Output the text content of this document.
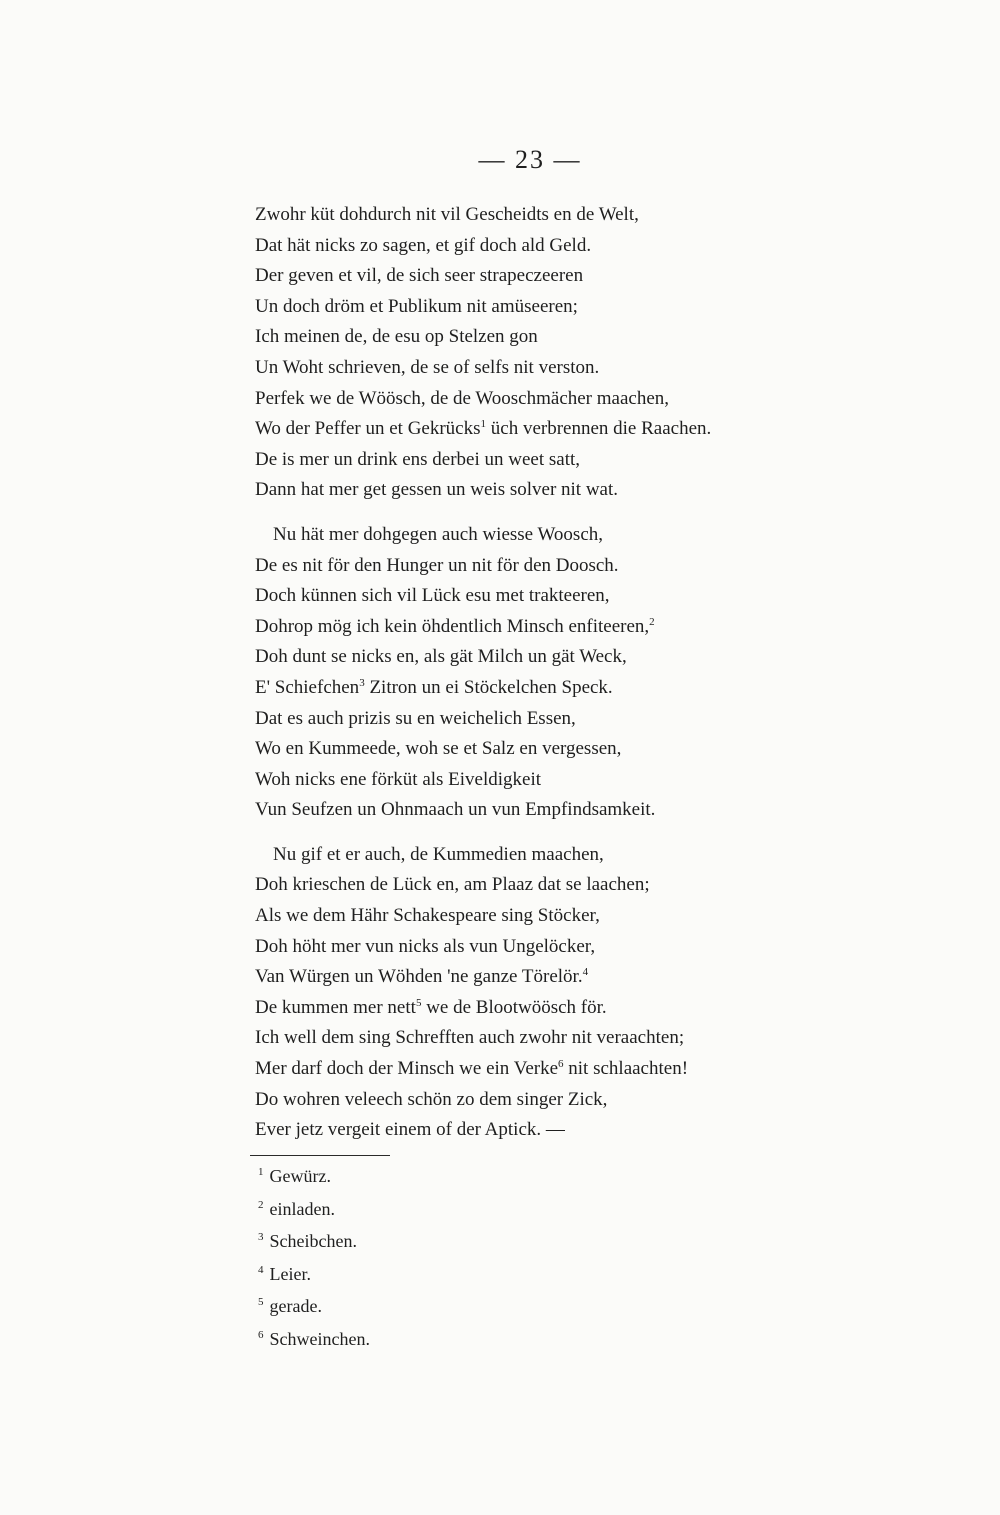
— 23 —
Zwohr küt dohdurch nit vil Gescheidts en de Welt,
Dat hät nicks zo sagen, et gif doch ald Geld.
Der geven et vil, de sich seer strapeczeeren
Un doch dröm et Publikum nit amüseeren;
Ich meinen de, de esu op Stelzen gon
Un Woht schrieven, de se of selfs nit verston.
Perfek we de Wöösch, de de Wooschmächer maachen,
Wo der Peffer un et Gekrücks$^1$ üch verbrennen die Raachen.
De is mer un drink ens derbei un weet satt,
Dann hat mer get gessen un weis solver nit wat.
Nu hät mer dohgegen auch wiesse Woosch,
De es nit för den Hunger un nit för den Doosch.
Doch künnen sich vil Lück esu met trakteeren,
Dohrop mög ich kein öhdentlich Minsch enfiteeren,$^2$
Doh dunt se nicks en, als gät Milch un gät Weck,
E' Schiefchen$^3$ Zitron un ei Stöckelchen Speck.
Dat es auch prizis su en weichelich Essen,
Wo en Kummeede, woh se et Salz en vergessen,
Woh nicks ene förküt als Eiveldigkeit
Vun Seufzen un Ohnmaach un vun Empfindsamkeit.
Nu gif et er auch, de Kummedien maachen,
Doh krieschen de Lück en, am Plaaz dat se laachen;
Als we dem Hähr Schakespeare sing Stöcker,
Doh höht mer vun nicks als vun Ungelöcker,
Van Würgen un Wöhden 'ne ganze Törelör.$^4$
De kummen mer nett$^5$ we de Blootwöösch för.
Ich well dem sing Schrefften auch zwohr nit veraachten;
Mer darf doch der Minsch we ein Verke$^6$ nit schlaachten!
Do wohren veleech schön zo dem singer Zick,
Ever jetz vergeit einem of der Aptick. —
$^1$ Gewürz.
$^2$ einladen.
$^3$ Scheibchen.
$^4$ Leier.
$^5$ gerade.
$^6$ Schweinchen.
